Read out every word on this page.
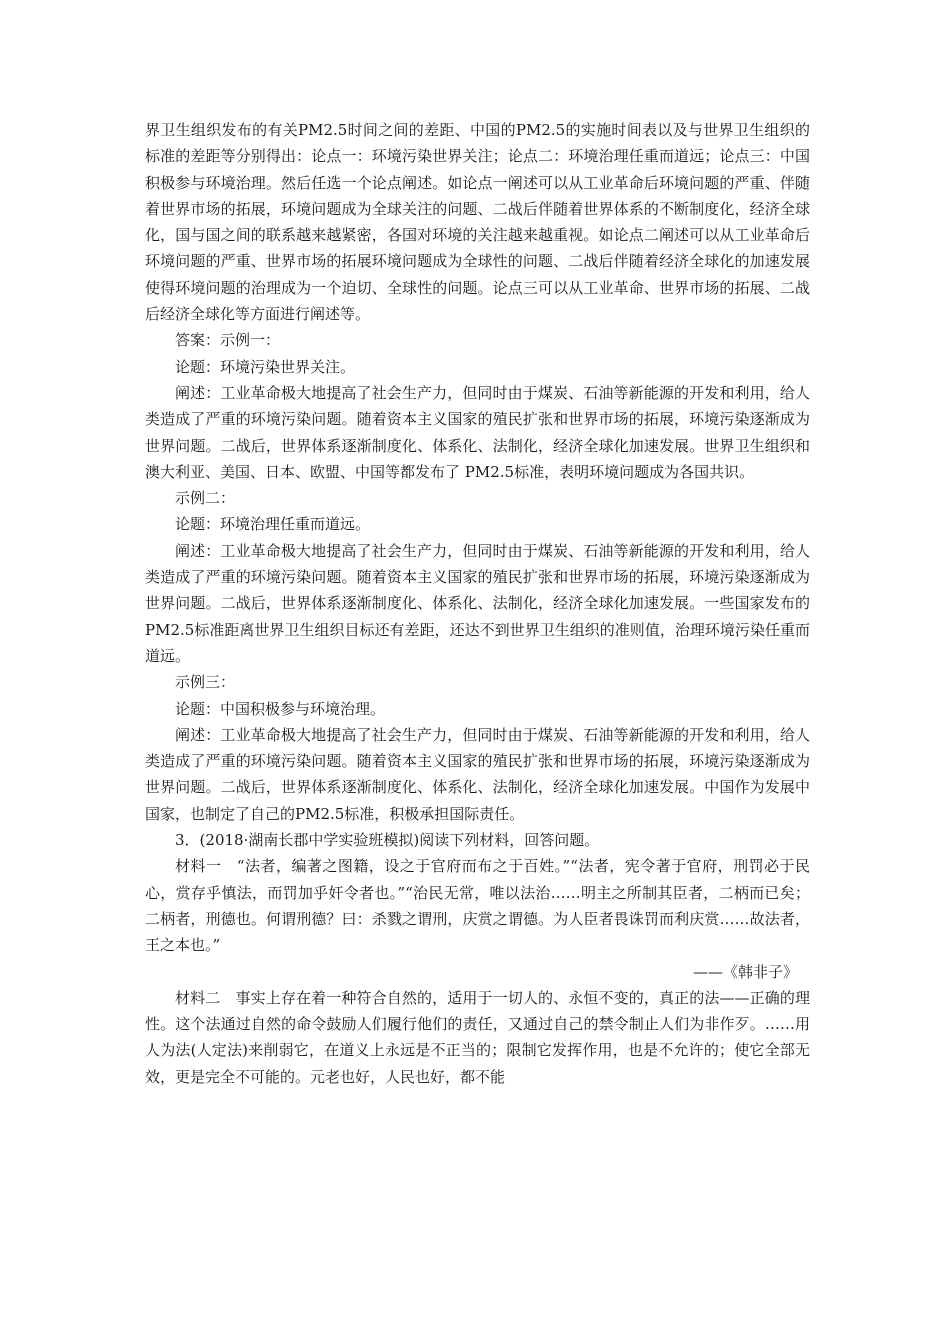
界卫生组织发布的有关PM2.5时间之间的差距、中国的PM2.5的实施时间表以及与世界卫生组织的标准的差距等分别得出：论点一：环境污染世界关注；论点二：环境治理任重而道远；论点三：中国积极参与环境治理。然后任选一个论点阐述。如论点一阐述可以从工业革命后环境问题的严重、伴随着世界市场的拓展，环境问题成为全球关注的问题、二战后伴随着世界体系的不断制度化，经济全球化，国与国之间的联系越来越紧密，各国对环境的关注越来越重视。如论点二阐述可以从工业革命后环境问题的严重、世界市场的拓展环境问题成为全球性的问题、二战后伴随着经济全球化的加速发展使得环境问题的治理成为一个迫切、全球性的问题。论点三可以从工业革命、世界市场的拓展、二战后经济全球化等方面进行阐述等。

答案：示例一：

论题：环境污染世界关注。

阐述：工业革命极大地提高了社会生产力，但同时由于煤炭、石油等新能源的开发和利用，给人类造成了严重的环境污染问题。随着资本主义国家的殖民扩张和世界市场的拓展，环境污染逐渐成为世界问题。二战后，世界体系逐渐制度化、体系化、法制化，经济全球化加速发展。世界卫生组织和澳大利亚、美国、日本、欧盟、中国等都发布了 PM2.5标准，表明环境问题成为各国共识。

示例二：

论题：环境治理任重而道远。

阐述：工业革命极大地提高了社会生产力，但同时由于煤炭、石油等新能源的开发和利用，给人类造成了严重的环境污染问题。随着资本主义国家的殖民扩张和世界市场的拓展，环境污染逐渐成为世界问题。二战后，世界体系逐渐制度化、体系化、法制化，经济全球化加速发展。一些国家发布的PM2.5标准距离世界卫生组织目标还有差距，还达不到世界卫生组织的准则值，治理环境污染任重而道远。

示例三：

论题：中国积极参与环境治理。

阐述：工业革命极大地提高了社会生产力，但同时由于煤炭、石油等新能源的开发和利用，给人类造成了严重的环境污染问题。随着资本主义国家的殖民扩张和世界市场的拓展，环境污染逐渐成为世界问题。二战后，世界体系逐渐制度化、体系化、法制化，经济全球化加速发展。中国作为发展中国家，也制定了自己的PM2.5标准，积极承担国际责任。

3．(2018·湖南长郡中学实验班模拟)阅读下列材料，回答问题。

材料一　“法者，编著之图籍，设之于官府而布之于百姓。”“法者，宪令著于官府，刑罚必于民心，赏存乎慎法，而罚加乎奸令者也。”“治民无常，唯以法治……明主之所制其臣者，二柄而已矣；二柄者，刑德也。何谓刑德？曰：杀戮之谓刑，庆赏之谓德。为人臣者畏诛罚而利庆赏……故法者，王之本也。”

——《韩非子》

材料二　事实上存在着一种符合自然的，适用于一切人的、永恒不变的，真正的法——正确的理性。这个法通过自然的命令鼓励人们履行他们的责任，又通过自己的禁令制止人们为非作歹。……用人为法(人定法)来削弱它，在道义上永远是不正当的；限制它发挥作用，也是不允许的；使它全部无效，更是完全不可能的。元老也好，人民也好，都不能
